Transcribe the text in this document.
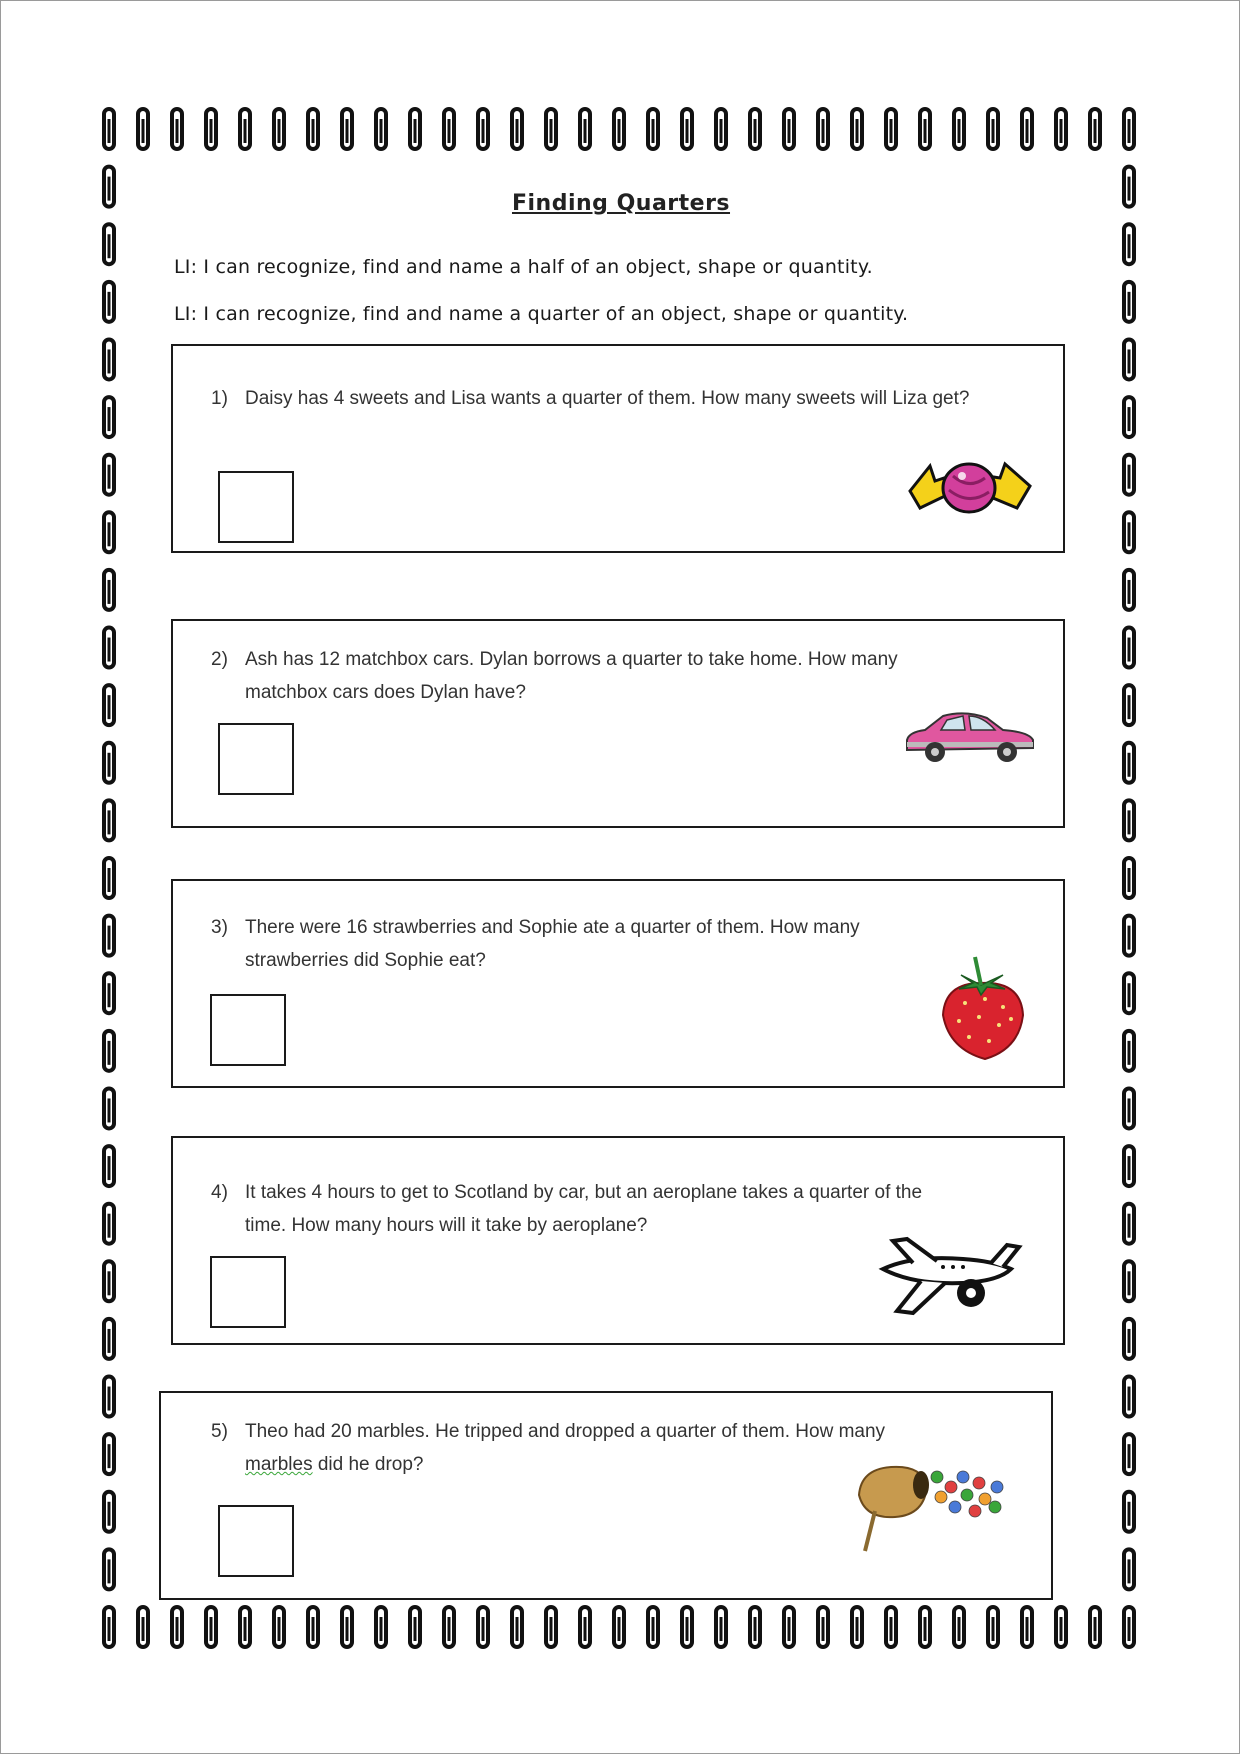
Finding Quarters
LI: I can recognize, find and name a half of an object, shape or quantity.
LI: I can recognize, find and name a quarter of an object, shape or quantity.
1) Daisy has 4 sweets and Lisa wants a quarter of them. How many sweets will Liza get?
2) Ash has 12 matchbox cars. Dylan borrows a quarter to take home. How many
matchbox cars does Dylan have?
3) There were 16 strawberries and Sophie ate a quarter of them. How many
strawberries did Sophie eat?
4) It takes 4 hours to get to Scotland by car, but an aeroplane takes a quarter of the
time. How many hours will it take by aeroplane?
5) Theo had 20 marbles. He tripped and dropped a quarter of them. How many
marbles did he drop?
